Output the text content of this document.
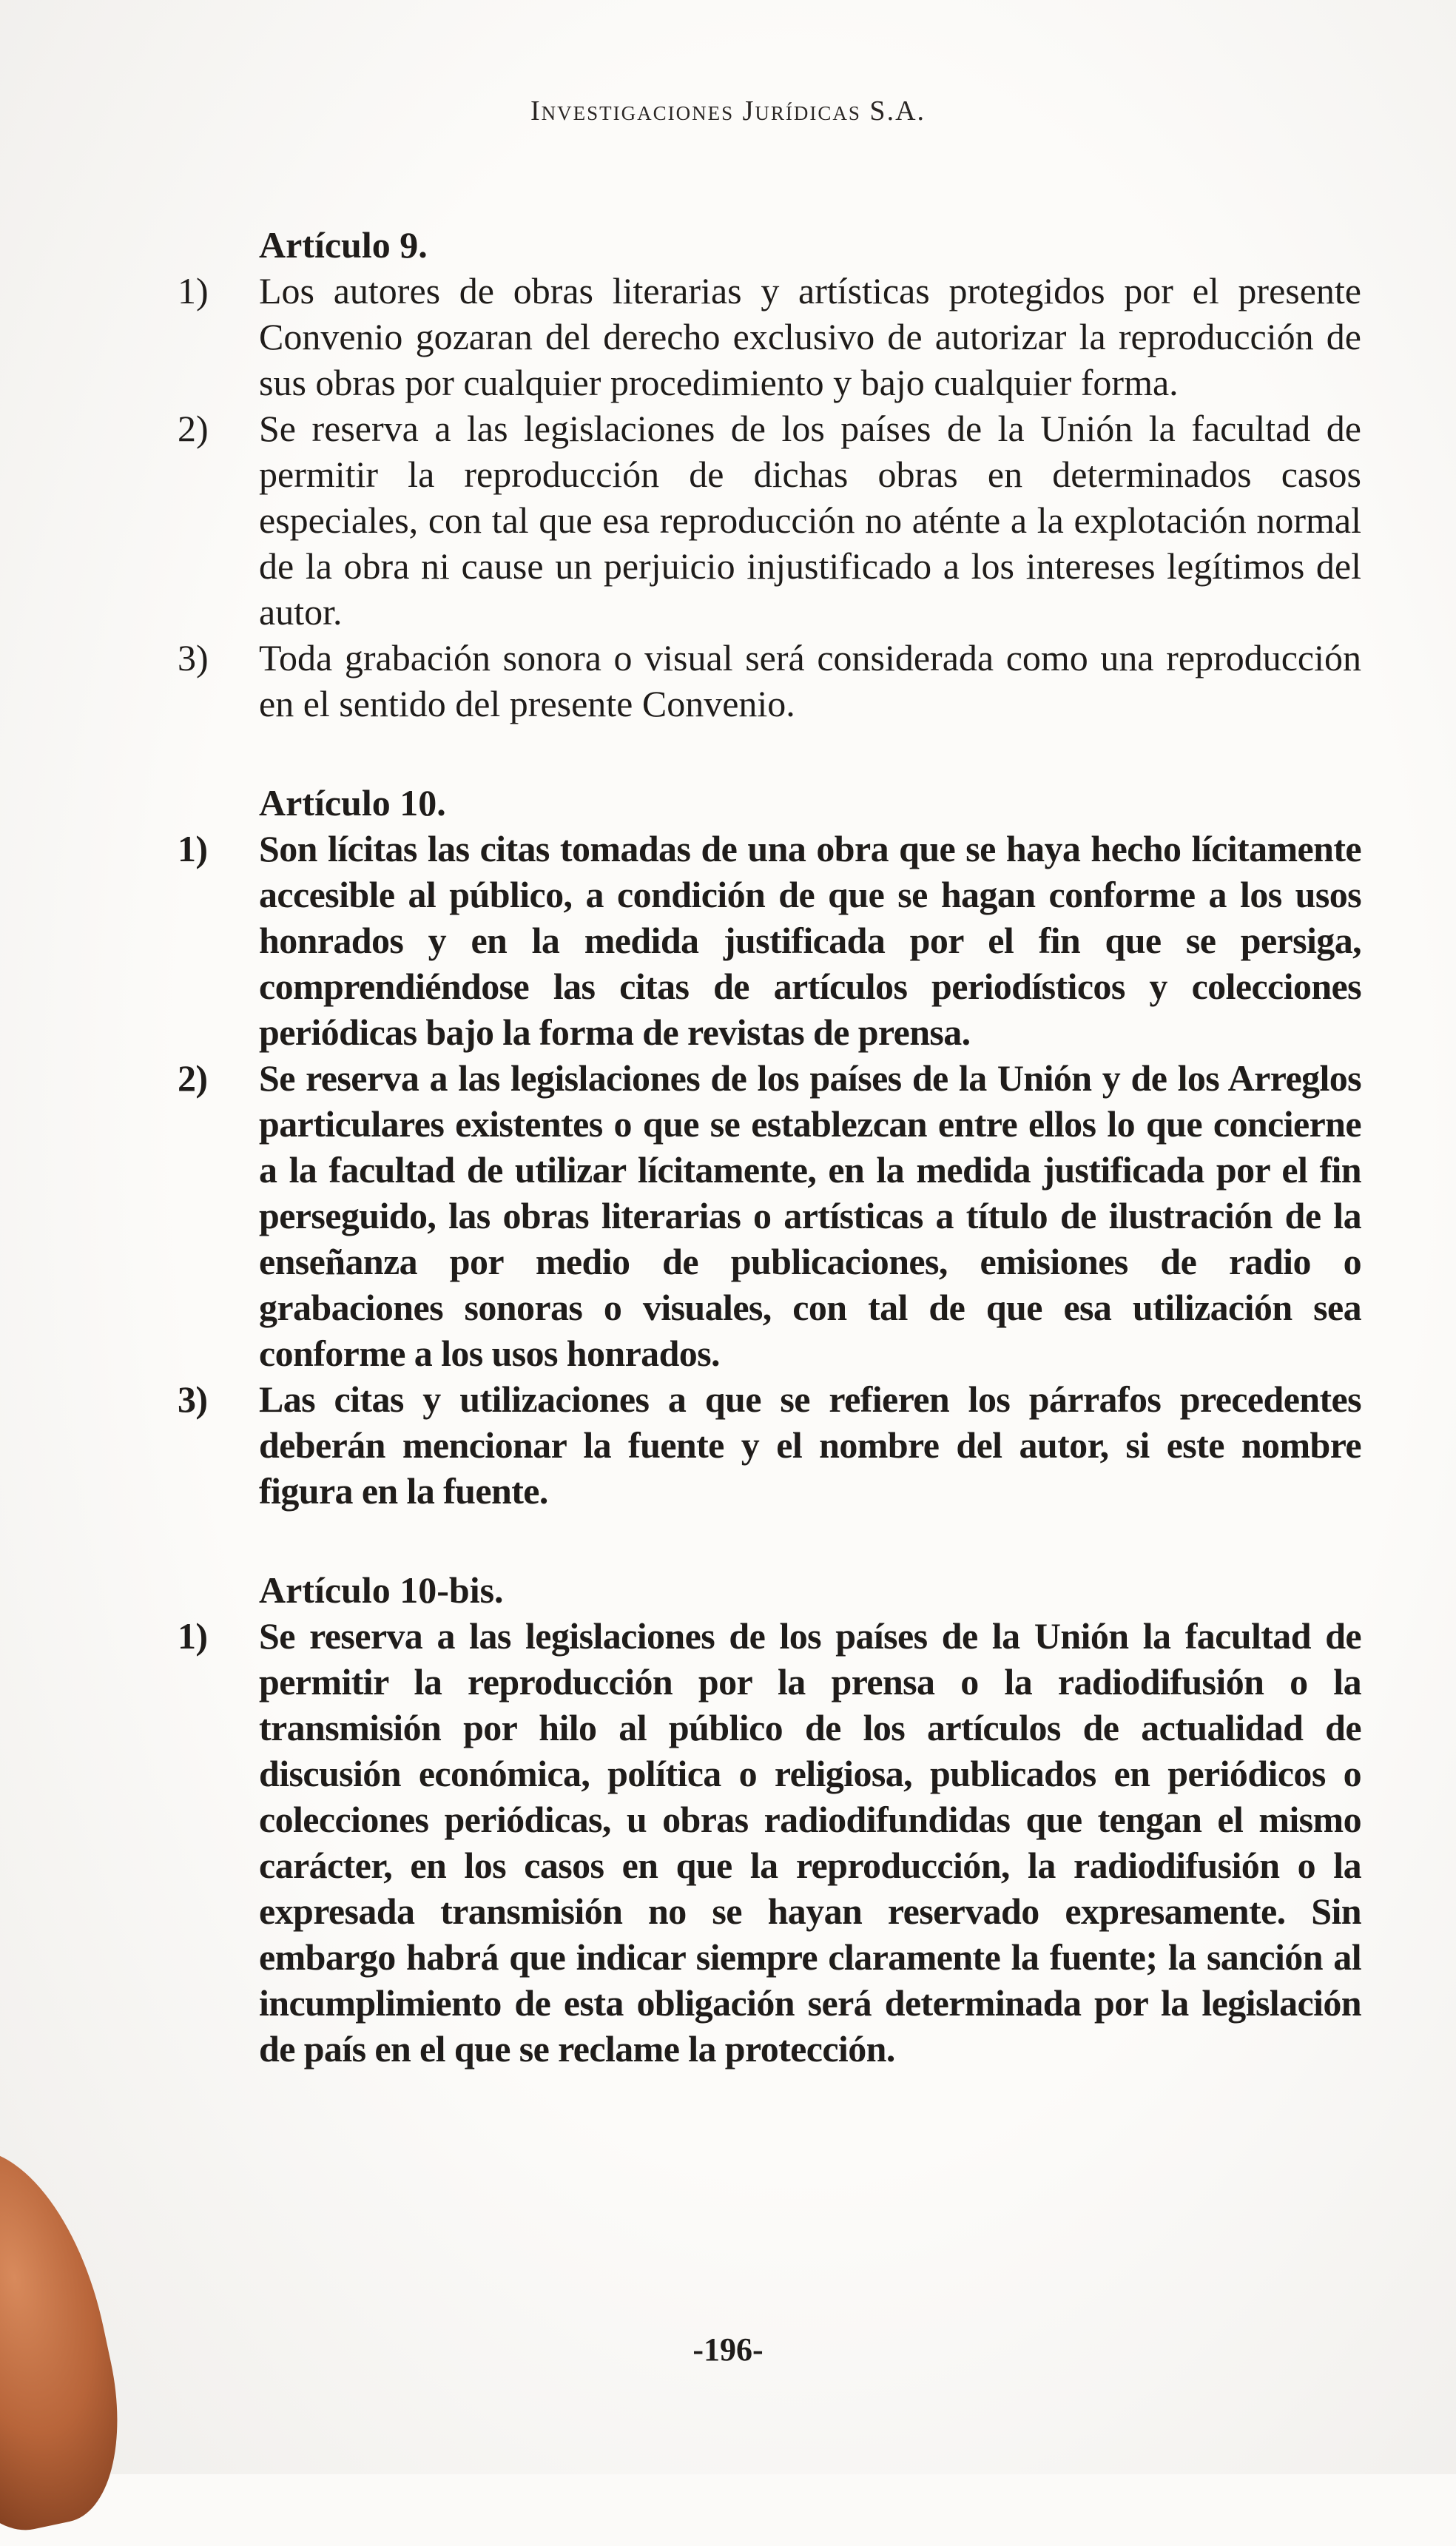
Investigaciones Jurídicas S.A.
Artículo 9.
1)	Los autores de obras literarias y artísticas protegidos por el presente Convenio gozaran del derecho exclusivo de autorizar la reproducción de sus obras por cualquier procedimiento y bajo cualquier forma.
2)	Se reserva a las legislaciones de los países de la Unión la facultad de permitir la reproducción de dichas obras en determinados casos especiales, con tal que esa reproducción no aténte a la explotación normal de la obra ni cause un perjuicio injustificado a los intereses legítimos del autor.
3)	Toda grabación sonora o visual será considerada como una reproducción en el sentido del presente Convenio.
Artículo 10.
1)	Son lícitas las citas tomadas de una obra que se haya hecho lícitamente accesible al público, a condición de que se hagan conforme a los usos honrados y en la medida justificada por el fin que se persiga, comprendiéndose las citas de artículos periodísticos y colecciones periódicas bajo la forma de revistas de prensa.
2)	Se reserva a las legislaciones de los países de la Unión y de los Arreglos particulares existentes o que se establezcan entre ellos lo que concierne a la facultad de utilizar lícitamente, en la medida justificada por el fin perseguido, las obras literarias o artísticas a título de ilustración de la enseñanza por medio de publicaciones, emisiones de radio o grabaciones sonoras o visuales, con tal de que esa utilización sea conforme a los usos honrados.
3)	Las citas y utilizaciones a que se refieren los párrafos precedentes deberán mencionar la fuente y el nombre del autor, si este nombre figura en la fuente.
Artículo 10-bis.
1)	Se reserva a las legislaciones de los países de la Unión la facultad de permitir la reproducción por la prensa o la radiodifusión o la transmisión por hilo al público de los artículos de actualidad de discusión económica, política o religiosa, publicados en periódicos o colecciones periódicas, u obras radiodifundidas que tengan el mismo carácter, en los casos en que la reproducción, la radiodifusión o la expresada transmisión no se hayan reservado expresamente. Sin embargo habrá que indicar siempre claramente la fuente; la sanción al incumplimiento de esta obligación será determinada por la legislación de país en el que se reclame la protección.
-196-
